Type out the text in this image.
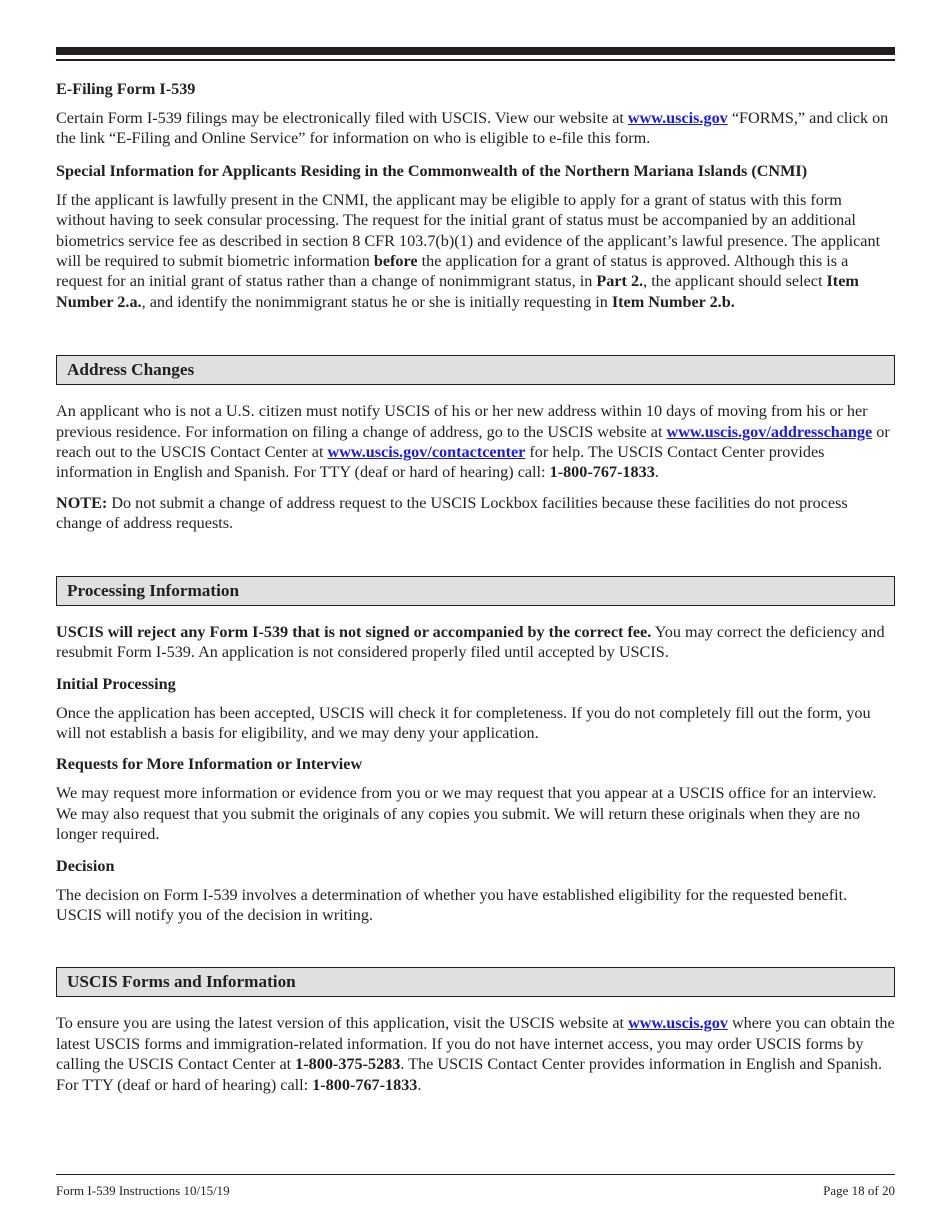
E-Filing Form I-539

Certain Form I-539 filings may be electronically filed with USCIS. View our website at www.uscis.gov “FORMS,” and click on the link “E-Filing and Online Service” for information on who is eligible to e-file this form.

Special Information for Applicants Residing in the Commonwealth of the Northern Mariana Islands (CNMI)

If the applicant is lawfully present in the CNMI, the applicant may be eligible to apply for a grant of status with this form without having to seek consular processing. The request for the initial grant of status must be accompanied by an additional biometrics service fee as described in section 8 CFR 103.7(b)(1) and evidence of the applicant’s lawful presence. The applicant will be required to submit biometric information before the application for a grant of status is approved. Although this is a request for an initial grant of status rather than a change of nonimmigrant status, in Part 2., the applicant should select Item Number 2.a., and identify the nonimmigrant status he or she is initially requesting in Item Number 2.b.

Address Changes

An applicant who is not a U.S. citizen must notify USCIS of his or her new address within 10 days of moving from his or her previous residence. For information on filing a change of address, go to the USCIS website at www.uscis.gov/addresschange or reach out to the USCIS Contact Center at www.uscis.gov/contactcenter for help. The USCIS Contact Center provides information in English and Spanish. For TTY (deaf or hard of hearing) call: 1-800-767-1833.

NOTE: Do not submit a change of address request to the USCIS Lockbox facilities because these facilities do not process change of address requests.

Processing Information

USCIS will reject any Form I-539 that is not signed or accompanied by the correct fee. You may correct the deficiency and resubmit Form I-539. An application is not considered properly filed until accepted by USCIS.

Initial Processing

Once the application has been accepted, USCIS will check it for completeness. If you do not completely fill out the form, you will not establish a basis for eligibility, and we may deny your application.

Requests for More Information or Interview

We may request more information or evidence from you or we may request that you appear at a USCIS office for an interview. We may also request that you submit the originals of any copies you submit. We will return these originals when they are no longer required.

Decision

The decision on Form I-539 involves a determination of whether you have established eligibility for the requested benefit. USCIS will notify you of the decision in writing.

USCIS Forms and Information

To ensure you are using the latest version of this application, visit the USCIS website at www.uscis.gov where you can obtain the latest USCIS forms and immigration-related information. If you do not have internet access, you may order USCIS forms by calling the USCIS Contact Center at 1-800-375-5283. The USCIS Contact Center provides information in English and Spanish. For TTY (deaf or hard of hearing) call: 1-800-767-1833.

Form I-539 Instructions 10/15/19	Page 18 of 20
